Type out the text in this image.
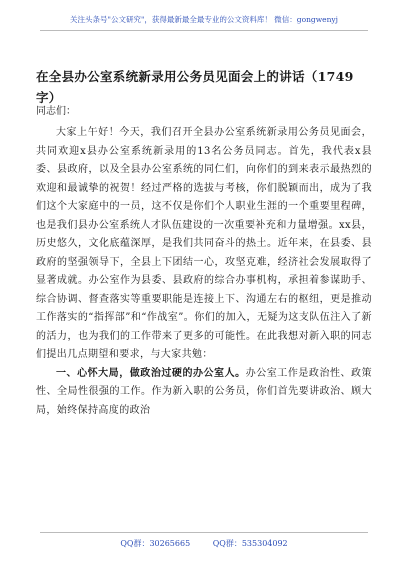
关注头条号"公文研究"，获得最新最全最专业的公文资料库！ 微信：gongwenyj
在全县办公室系统新录用公务员见面会上的讲话（1749字）
同志们：

大家上午好！今天，我们召开全县办公室系统新录用公务员见面会，共同欢迎x县办公室系统新录用的13名公务员同志。首先，我代表x县委、县政府，以及全县办公室系统的同仁们，向你们的到来表示最热烈的欢迎和最诚挚的祝贺！经过严格的选拔与考核，你们脱颖而出，成为了我们这个大家庭中的一员，这不仅是你们个人职业生涯的一个重要里程碑，也是我们县办公室系统人才队伍建设的一次重要补充和力量增强。xx县，历史悠久，文化底蕴深厚，是我们共同奋斗的热土。近年来，在县委、县政府的坚强领导下，全县上下团结一心，攻坚克难，经济社会发展取得了显著成就。办公室作为县委、县政府的综合办事机构，承担着参谋助手、综合协调、督查落实等重要职能是连接上下、沟通左右的枢纽，更是推动工作落实的“指挥部”和“作战室”。你们的加入，无疑为这支队伍注入了新的活力，也为我们的工作带来了更多的可能性。在此我想对新入职的同志们提出几点期望和要求，与大家共勉：

一、心怀大局，做政治过硬的办公室人。办公室工作是政治性、政策性、全局性很强的工作。作为新入职的公务员，你们首先要讲政治、顾大局，始终保持高度的政治

QQ群：30265665	QQ群：535304092
